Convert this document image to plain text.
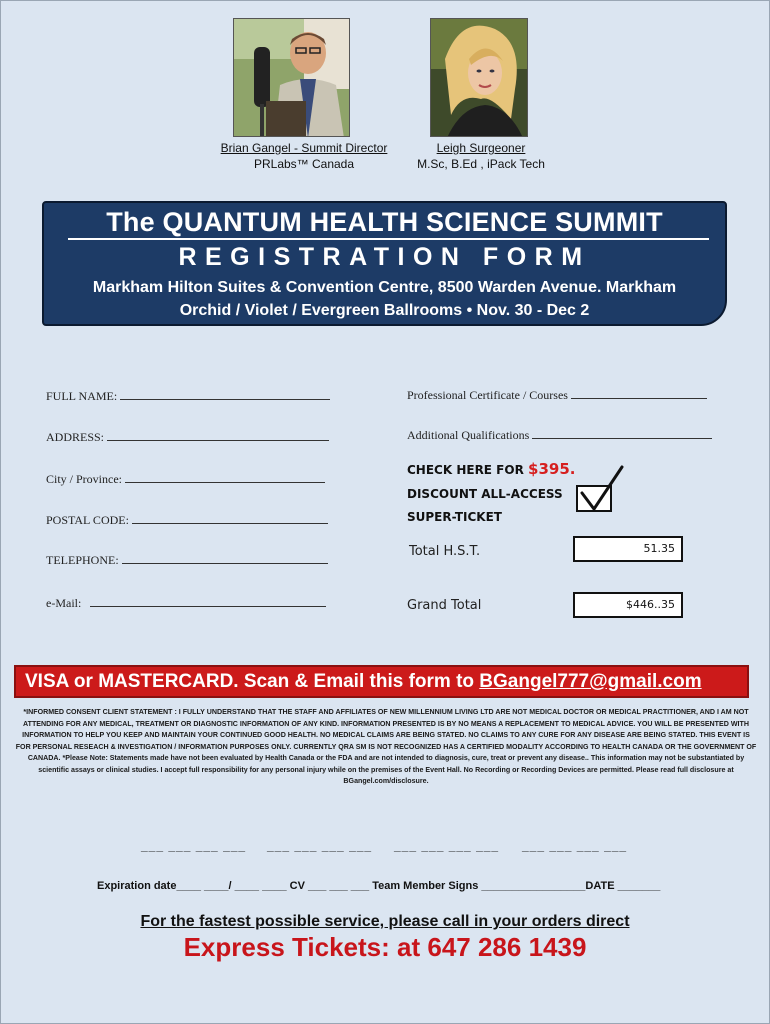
Brian Gangel - Summit Director
PRLabs™ Canada
Leigh Surgeoner
M.Sc, B.Ed , iPack Tech
The QUANTUM HEALTH SCIENCE SUMMIT
REGISTRATION FORM
Markham Hilton Suites & Convention Centre, 8500 Warden Avenue. Markham
Orchid / Violet / Evergreen Ballrooms • Nov. 30 - Dec 2
FULL NAME:
ADDRESS:
City / Province:
POSTAL CODE:
TELEPHONE:
e-Mail:
Professional Certificate / Courses
Additional Qualifications
CHECK HERE FOR $395.
DISCOUNT ALL-ACCESS
SUPER-TICKET
Total H.S.T.	51.35
Grand Total	$446..35
VISA or MASTERCARD. Scan & Email this form to BGangel777@gmail.com
*INFORMED CONSENT CLIENT STATEMENT : I FULLY UNDERSTAND THAT THE STAFF AND AFFILIATES OF NEW MILLENNIUM LIVING LTD ARE NOT MEDICAL DOCTOR OR MEDICAL PRACTITIONER, AND I AM NOT ATTENDING FOR ANY MEDICAL, TREATMENT OR DIAGNOSTIC INFORMATION OF ANY KIND. INFORMATION PRESENTED IS BY NO MEANS A REPLACEMENT TO MEDICAL ADVICE. YOU WILL BE PRESENTED WITH INFORMATION TO HELP YOU KEEP AND MAINTAIN YOUR CONTINUED GOOD HEALTH. NO MEDICAL CLAIMS ARE BEING STATED. NO CLAIMS TO ANY CURE FOR ANY DISEASE ARE BEING STATED. THIS EVENT IS FOR PERSONAL RESEACH & INVESTIGATION / INFORMATION PURPOSES ONLY. CURRENTLY QRA SM IS NOT RECOGNIZED HAS A CERTIFIED MODALITY ACCORDING TO HEALTH CANADA OR THE GOVERNMENT OF CANADA. *Please Note: Statements made have not been evaluated by Health Canada or the FDA and are not intended to diagnosis, cure, treat or prevent any disease.. This information may not be substantiated by scientific assays or clinical studies. I accept full responsibility for any personal injury while on the premises of the Event Hall. No Recording or Recording Devices are permitted. Please read full disclosure at BGangel.com/disclosure.
___ ___ ___ ___ ___ ___ ___ ___ ___ ___ ___ ___ ___ ___ ___ ___
Expiration date____ ____/ ____ ____ CV ___ ___ ___ Team Member Signs _________________DATE _______
For the fastest possible service, please call in your orders direct
Express Tickets: at 647 286 1439
